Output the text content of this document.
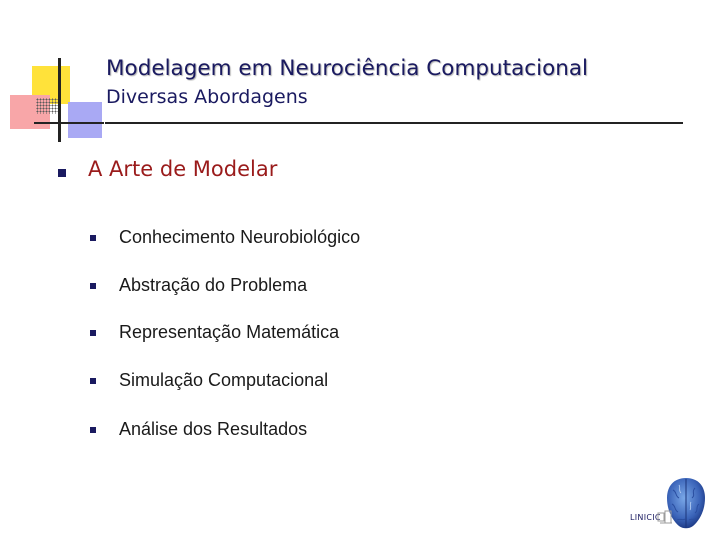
Modelagem em Neurociência Computacional
Diversas Abordagens
A Arte de Modelar
Conhecimento Neurobiológico
Abstração do Problema
Representação Matemática
Simulação Computacional
Análise dos Resultados
LINICIC
